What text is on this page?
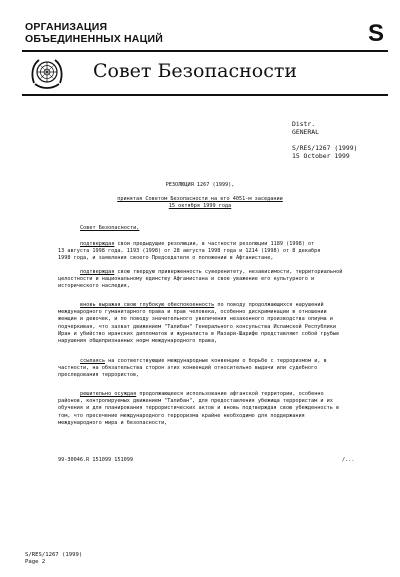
ОРГАНИЗАЦИЯ
ОБЪЕДИНЕННЫХ НАЦИЙ	S
Совет Безопасности
Distr.
GENERAL
S/RES/1267 (1999)
15 October 1999
РЕЗОЛЮЦИЯ 1267 (1999),
принятая Советом Безопасности на его 4051-м заседании
15 октября 1999 года
Совет Безопасности,
подтверждая свои предыдущие резолюции, в частности резолюции 1189 (1998) от
13 августа 1998 года, 1193 (1998) от 28 августа 1998 года и 1214 (1998) от 8 декабря
1998 года, и заявления своего Председателя о положении в Афганистане,
подтверждая свою твердую приверженность суверенитету, независимости, территориальной
целостности и национальному единству Афганистана и свое уважение его культурного и
исторического наследия,
вновь выражая свою глубокую обеспокоенность по поводу продолжающихся нарушений
международного гуманитарного права и прав человека, особенно дискриминации в отношении
женщин и девочек, и по поводу значительного увеличения незаконного производства опиума и
подчеркивая, что захват движением "Талибан" Генерального консульства Исламской Республики
Иран и убийство иранских дипломатов и журналиста в Мазари-Шарифе представляют собой грубые
нарушения общепризнанных норм международного права,
ссылаясь на соответствующие международные конвенции о борьбе с терроризмом и, в
частности, на обязательства сторон этих конвенций относительно выдачи или судебного
преследования террористов,
решительно осуждая продолжающееся использование афганской территории, особенно
районов, контролируемых движением "Талибан", для предоставления убежища террористам и их
обучения и для планирования террористических актов и вновь подтверждая свою убежденность в
том, что пресечение международного терроризма крайне необходимо для поддержания
международного мира и безопасности,
99-30046.R 151099 151099	/...
S/RES/1267 (1999)
Page 2
